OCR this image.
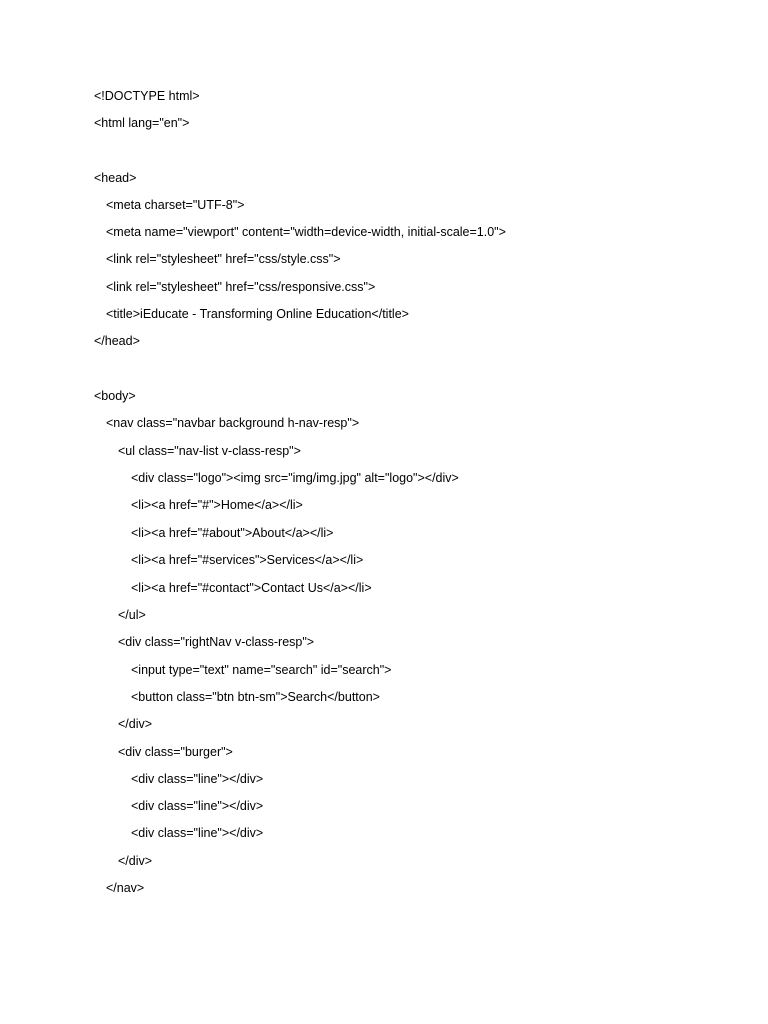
<!DOCTYPE html>
<html lang="en">
<head>
<meta charset="UTF-8">
<meta name="viewport" content="width=device-width, initial-scale=1.0">
<link rel="stylesheet" href="css/style.css">
<link rel="stylesheet" href="css/responsive.css">
<title>iEducate - Transforming Online Education</title>
</head>
<body>
<nav class="navbar background h-nav-resp">
<ul class="nav-list v-class-resp">
<div class="logo"><img src="img/img.jpg" alt="logo"></div>
<li><a href="#">Home</a></li>
<li><a href="#about">About</a></li>
<li><a href="#services">Services</a></li>
<li><a href="#contact">Contact Us</a></li>
</ul>
<div class="rightNav v-class-resp">
<input type="text" name="search" id="search">
<button class="btn btn-sm">Search</button>
</div>
<div class="burger">
<div class="line"></div>
<div class="line"></div>
<div class="line"></div>
</div>
</nav>
